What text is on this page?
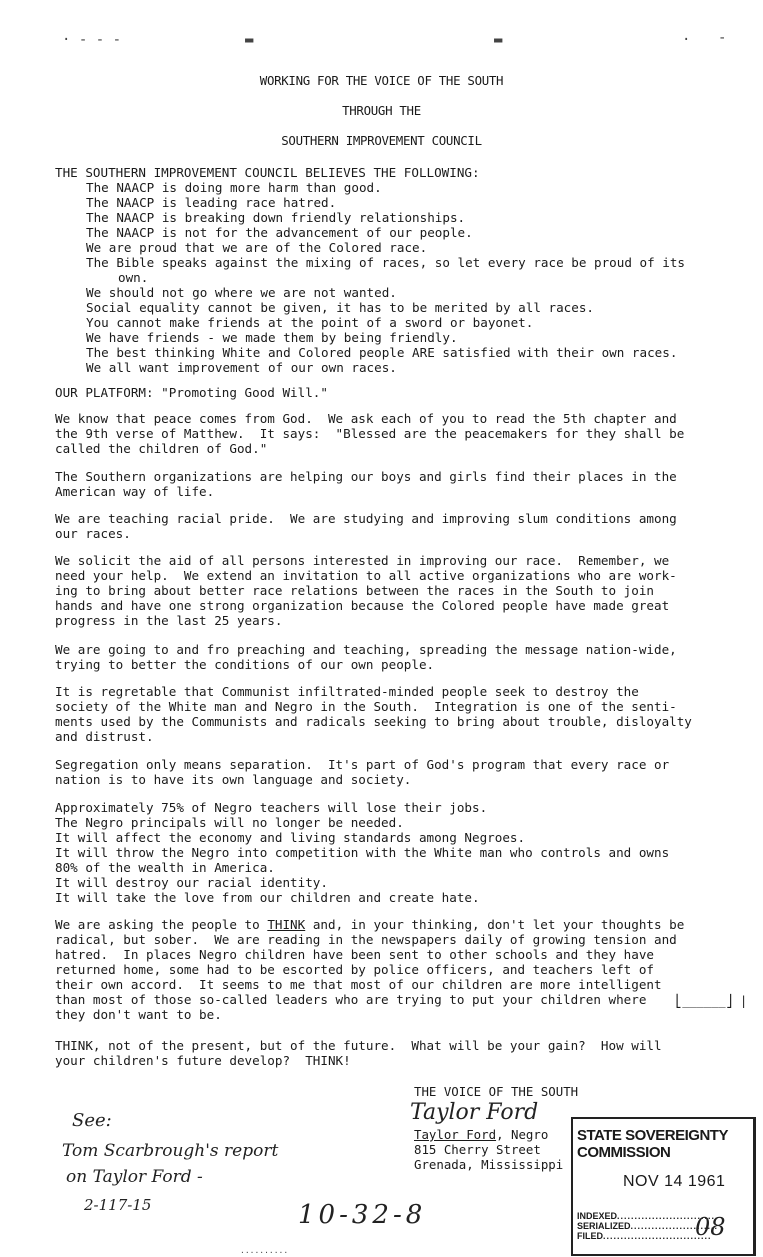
· - - -	▬	▬	· -
WORKING FOR THE VOICE OF THE SOUTH
THROUGH THE
SOUTHERN IMPROVEMENT COUNCIL
THE SOUTHERN IMPROVEMENT COUNCIL BELIEVES THE FOLLOWING:
The NAACP is doing more harm than good.
The NAACP is leading race hatred.
The NAACP is breaking down friendly relationships.
The NAACP is not for the advancement of our people.
We are proud that we are of the Colored race.
The Bible speaks against the mixing of races, so let every race be proud of its
own.
We should not go where we are not wanted.
Social equality cannot be given, it has to be merited by all races.
You cannot make friends at the point of a sword or bayonet.
We have friends - we made them by being friendly.
The best thinking White and Colored people ARE satisfied with their own races.
We all want improvement of our own races.
OUR PLATFORM: "Promoting Good Will."

We know that peace comes from God.  We ask each of you to read the 5th chapter and
the 9th verse of Matthew.  It says:  "Blessed are the peacemakers for they shall be
called the children of God."

The Southern organizations are helping our boys and girls find their places in the
American way of life.

We are teaching racial pride.  We are studying and improving slum conditions among
our races.

We solicit the aid of all persons interested in improving our race.  Remember, we
need your help.  We extend an invitation to all active organizations who are work-
ing to bring about better race relations between the races in the South to join
hands and have one strong organization because the Colored people have made great
progress in the last 25 years.

We are going to and fro preaching and teaching, spreading the message nation-wide,
trying to better the conditions of our own people.

It is regretable that Communist infiltrated-minded people seek to destroy the
society of the White man and Negro in the South.  Integration is one of the senti-
ments used by the Communists and radicals seeking to bring about trouble, disloyalty
and distrust.

Segregation only means separation.  It's part of God's program that every race or
nation is to have its own language and society.

Approximately 75% of Negro teachers will lose their jobs.
The Negro principals will no longer be needed.
It will affect the economy and living standards among Negroes.
It will throw the Negro into competition with the White man who controls and owns
80% of the wealth in America.
It will destroy our racial identity.
It will take the love from our children and create hate.

We are asking the people to THINK and, in your thinking, don't let your thoughts be
radical, but sober.  We are reading in the newspapers daily of growing tension and
hatred.  In places Negro children have been sent to other schools and they have
returned home, some had to be escorted by police officers, and teachers left of
their own accord.  It seems to me that most of our children are more intelligent
than most of those so-called leaders who are trying to put your children where
they don't want to be.

⎣______⎦ |

THINK, not of the present, but of the future.  What will be your gain?  How will
your children's future develop?  THINK!

THE VOICE OF THE SOUTH
Taylor Ford
Taylor Ford, Negro
815 Cherry Street
Grenada, Mississippi
See:
Tom Scarbrough's report
on Taylor Ford -
2-117-15	10-32-8
STATE SOVEREIGNTY COMMISSION
NOV 14 1961
INDEXED.............................
SERIALIZED.........................
FILED...............................
08
..........
